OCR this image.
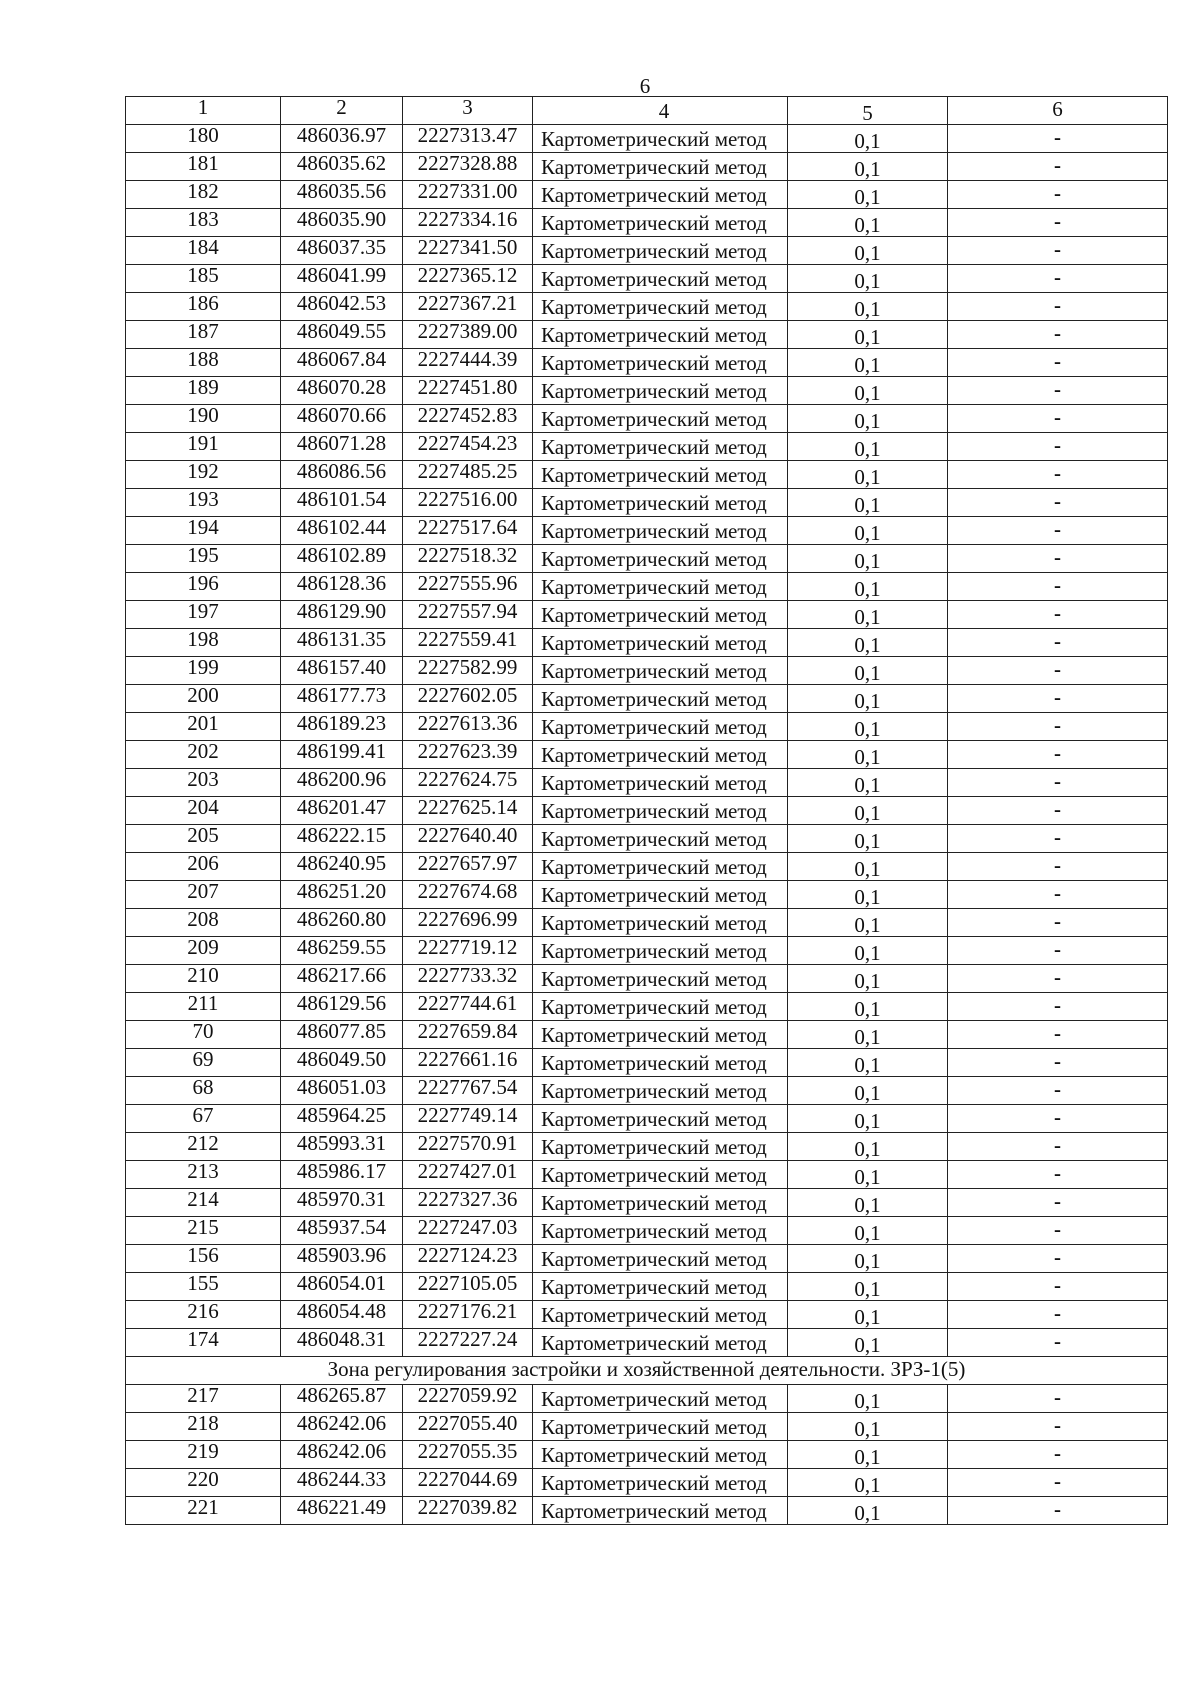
6
1	2	3	4	5	6
180	486036.97	2227313.47	Картометрический метод	0,1	-
181	486035.62	2227328.88	Картометрический метод	0,1	-
182	486035.56	2227331.00	Картометрический метод	0,1	-
183	486035.90	2227334.16	Картометрический метод	0,1	-
184	486037.35	2227341.50	Картометрический метод	0,1	-
185	486041.99	2227365.12	Картометрический метод	0,1	-
186	486042.53	2227367.21	Картометрический метод	0,1	-
187	486049.55	2227389.00	Картометрический метод	0,1	-
188	486067.84	2227444.39	Картометрический метод	0,1	-
189	486070.28	2227451.80	Картометрический метод	0,1	-
190	486070.66	2227452.83	Картометрический метод	0,1	-
191	486071.28	2227454.23	Картометрический метод	0,1	-
192	486086.56	2227485.25	Картометрический метод	0,1	-
193	486101.54	2227516.00	Картометрический метод	0,1	-
194	486102.44	2227517.64	Картометрический метод	0,1	-
195	486102.89	2227518.32	Картометрический метод	0,1	-
196	486128.36	2227555.96	Картометрический метод	0,1	-
197	486129.90	2227557.94	Картометрический метод	0,1	-
198	486131.35	2227559.41	Картометрический метод	0,1	-
199	486157.40	2227582.99	Картометрический метод	0,1	-
200	486177.73	2227602.05	Картометрический метод	0,1	-
201	486189.23	2227613.36	Картометрический метод	0,1	-
202	486199.41	2227623.39	Картометрический метод	0,1	-
203	486200.96	2227624.75	Картометрический метод	0,1	-
204	486201.47	2227625.14	Картометрический метод	0,1	-
205	486222.15	2227640.40	Картометрический метод	0,1	-
206	486240.95	2227657.97	Картометрический метод	0,1	-
207	486251.20	2227674.68	Картометрический метод	0,1	-
208	486260.80	2227696.99	Картометрический метод	0,1	-
209	486259.55	2227719.12	Картометрический метод	0,1	-
210	486217.66	2227733.32	Картометрический метод	0,1	-
211	486129.56	2227744.61	Картометрический метод	0,1	-
70	486077.85	2227659.84	Картометрический метод	0,1	-
69	486049.50	2227661.16	Картометрический метод	0,1	-
68	486051.03	2227767.54	Картометрический метод	0,1	-
67	485964.25	2227749.14	Картометрический метод	0,1	-
212	485993.31	2227570.91	Картометрический метод	0,1	-
213	485986.17	2227427.01	Картометрический метод	0,1	-
214	485970.31	2227327.36	Картометрический метод	0,1	-
215	485937.54	2227247.03	Картометрический метод	0,1	-
156	485903.96	2227124.23	Картометрический метод	0,1	-
155	486054.01	2227105.05	Картометрический метод	0,1	-
216	486054.48	2227176.21	Картометрический метод	0,1	-
174	486048.31	2227227.24	Картометрический метод	0,1	-
Зона регулирования застройки и хозяйственной деятельности. ЗРЗ-1(5)					
217	486265.87	2227059.92	Картометрический метод	0,1	-
218	486242.06	2227055.40	Картометрический метод	0,1	-
219	486242.06	2227055.35	Картометрический метод	0,1	-
220	486244.33	2227044.69	Картометрический метод	0,1	-
221	486221.49	2227039.82	Картометрический метод	0,1	-
